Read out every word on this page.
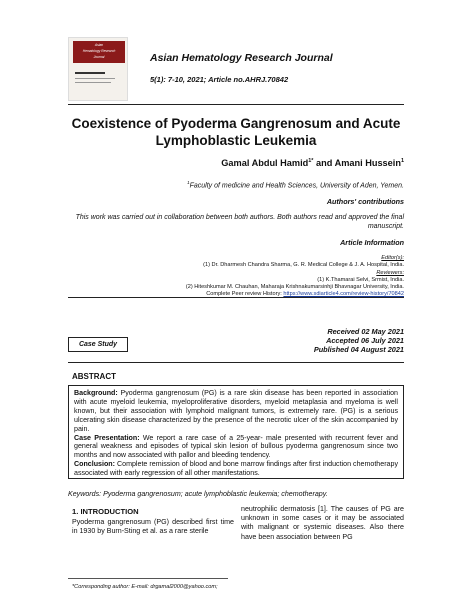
Asian
Hematology Research
Journal	Asian Hematology Research Journal
5(1): 7-10, 2021; Article no.AHRJ.70842
Coexistence of Pyoderma Gangrenosum and Acute
Lymphoblastic Leukemia
Gamal Abdul Hamid$^{1*}$ and Amani Hussein$^1$
$^1$Faculty of medicine and Health Sciences, University of Aden, Yemen.
Authors' contributions
This work was carried out in collaboration between both authors. Both authors read and approved the final manuscript.
Article Information
Editor(s):
(1) Dr. Dharmesh Chandra Sharma, G. R. Medical College & J. A. Hospital, India.
Reviewers:
(1) K.Thamarai Selvi, Srmist, India.
(2) Hiteshkumar M. Chauhan, Maharaja Krishnakumarsinhji Bhavnagar University, India.
Complete Peer review History: https://www.sdiarticle4.com/review-history/70842
Case Study
Received 02 May 2021
Accepted 06 July 2021
Published 04 August 2021
ABSTRACT

Background: Pyoderma gangrenosum (PG) is a rare skin disease has been reported in association with acute myeloid leukemia, myeloproliferative disorders, myeloid metaplasia and myeloma is well known, but their association with lymphoid malignant tumors, is extremely rare. (PG) is a serious ulcerating skin disease characterized by the presence of the necrotic ulcer of the skin accompanied by pain.

Case Presentation: We report a rare case of a 25-year- male presented with recurrent fever and general weakness and episodes of typical skin lesion of bullous pyoderma gangrenosum since two months and now associated with pallor and bleeding tendency.

Conclusion: Complete remission of blood and bone marrow findings after first induction chemotherapy associated with early regression of all other manifestations.

Keywords: Pyoderma gangrenosum; acute lymphoblastic leukemia; chemotherapy.
1. INTRODUCTION
Pyoderma gangrenosum (PG) described first time in 1930 by Burn-Sting et al. as a rare sterile
neutrophilic dermatosis [1]. The causes of PG are unknown in some cases or it may be associated with malignant or systemic diseases. Also there have been association between PG
*Corresponding author: E-mail: drgamal2000@yahoo.com;
